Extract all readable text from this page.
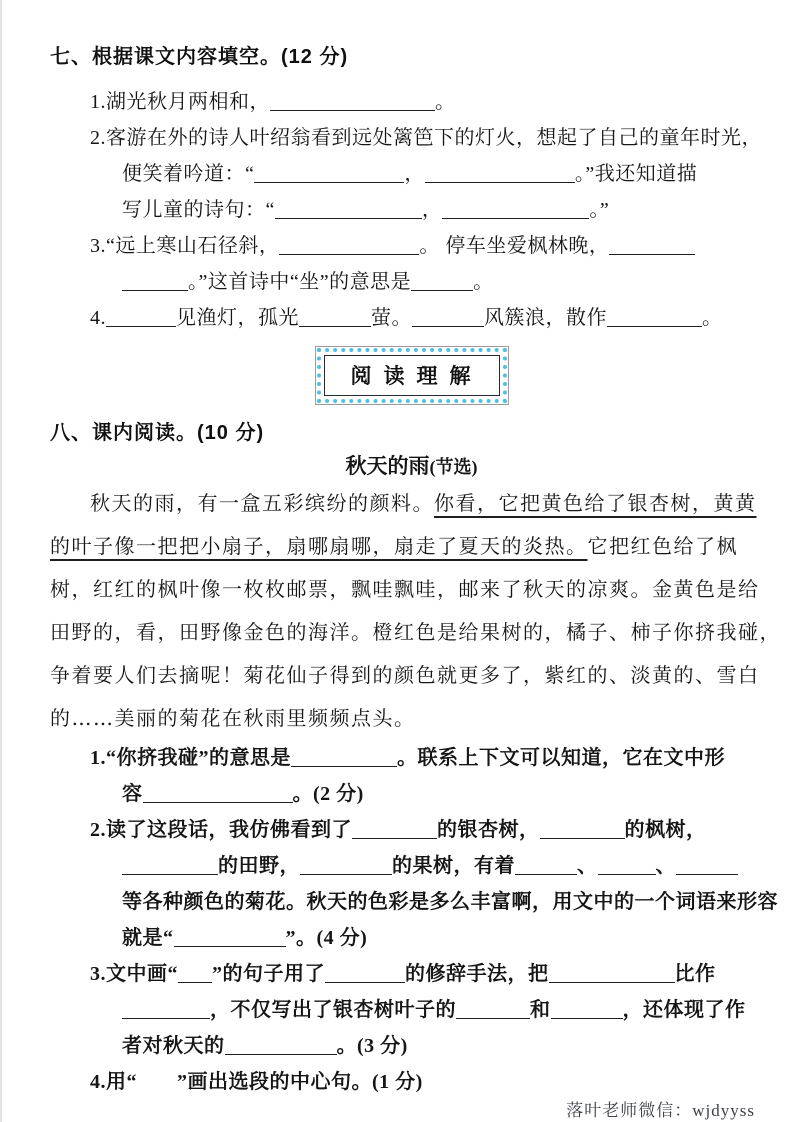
七、根据课文内容填空。(12 分)
1.湖光秋月两相和，	。
2.客游在外的诗人叶绍翁看到远处篱笆下的灯火，想起了自己的童年时光，
便笑着吟道：“	，	。”我还知道描
写儿童的诗句：“	，	。”
3.“远上寒山石径斜，	。 停车坐爱枫林晚，
。”这首诗中“坐”的意思是	。
4.	见渔灯，孤光	萤。	风簇浪，散作	。
阅读理解
八、课内阅读。(10 分)
秋天的雨(节选)
秋天的雨，有一盒五彩缤纷的颜料。你看，它把黄色给了银杏树，黄黄
的叶子像一把把小扇子，扇哪扇哪，扇走了夏天的炎热。它把红色给了枫
树，红红的枫叶像一枚枚邮票，飘哇飘哇，邮来了秋天的凉爽。金黄色是给
田野的，看，田野像金色的海洋。橙红色是给果树的，橘子、柿子你挤我碰，
争着要人们去摘呢！菊花仙子得到的颜色就更多了，紫红的、淡黄的、雪白
的……美丽的菊花在秋雨里频频点头。
1.“你挤我碰”的意思是	。联系上下文可以知道，它在文中形
容	。(2 分)
2.读了这段话，我仿佛看到了	的银杏树，	的枫树，
的田野，	的果树，有着	、	、
等各种颜色的菊花。秋天的色彩是多么丰富啊，用文中的一个词语来形容
就是“	”。(4 分)
3.文中画“ ”的句子用了	的修辞手法，把	比作
，不仅写出了银杏树叶子的	和	，还体现了作
者对秋天的	。(3 分)
4.用“ ”画出选段的中心句。(1 分)
落叶老师微信：wjdyyss
